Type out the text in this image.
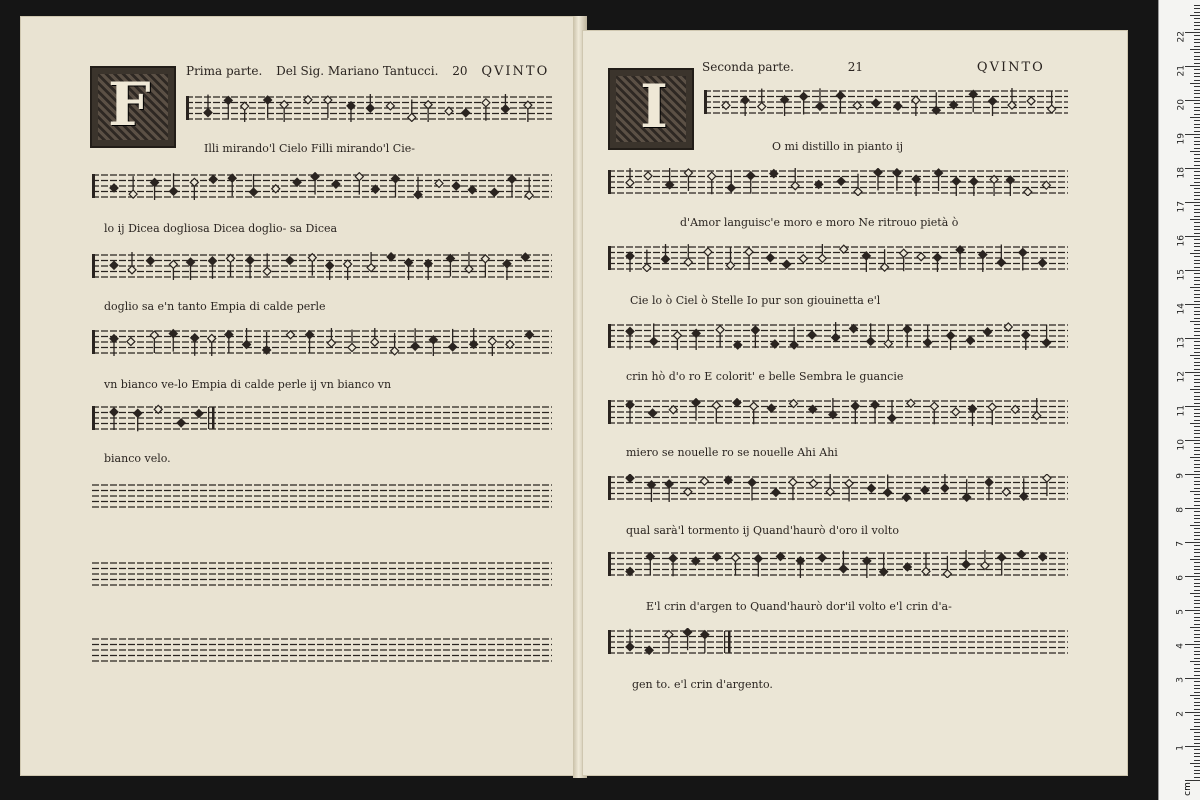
F	Prima parte. Del Sig. Mariano Tantucci. 20 QVINTO
Illi mirando'l Cielo Filli mirando'l Cie-
lo ij Dicea dogliosa Dicea doglio- sa Dicea
doglio sa e'n tanto Empia di calde perle
vn bianco ve-lo Empia di calde perle ij vn bianco vn
bianco velo.
I
Seconda parte.	21	QVINTO
O mi distillo in pianto ij
d'Amor languisc'e moro e moro Ne ritrouo pietà ò
Cie lo ò Ciel ò Stelle Io pur son giouinetta e'l
crin hò d'o ro E colorit' e belle Sembra le guancie
miero se nouelle ro se nouelle Ahi Ahi
qual sarà'l tormento ij Quand'haurò d'oro il volto
E'l crin d'argen to Quand'haurò dor'il volto e'l crin d'a-
gen to. e'l crin d'argento.
cm
1
2
3
4
5
6
7
8
9
10
11
12
13
14
15
16
17
18
19
20
21
22
